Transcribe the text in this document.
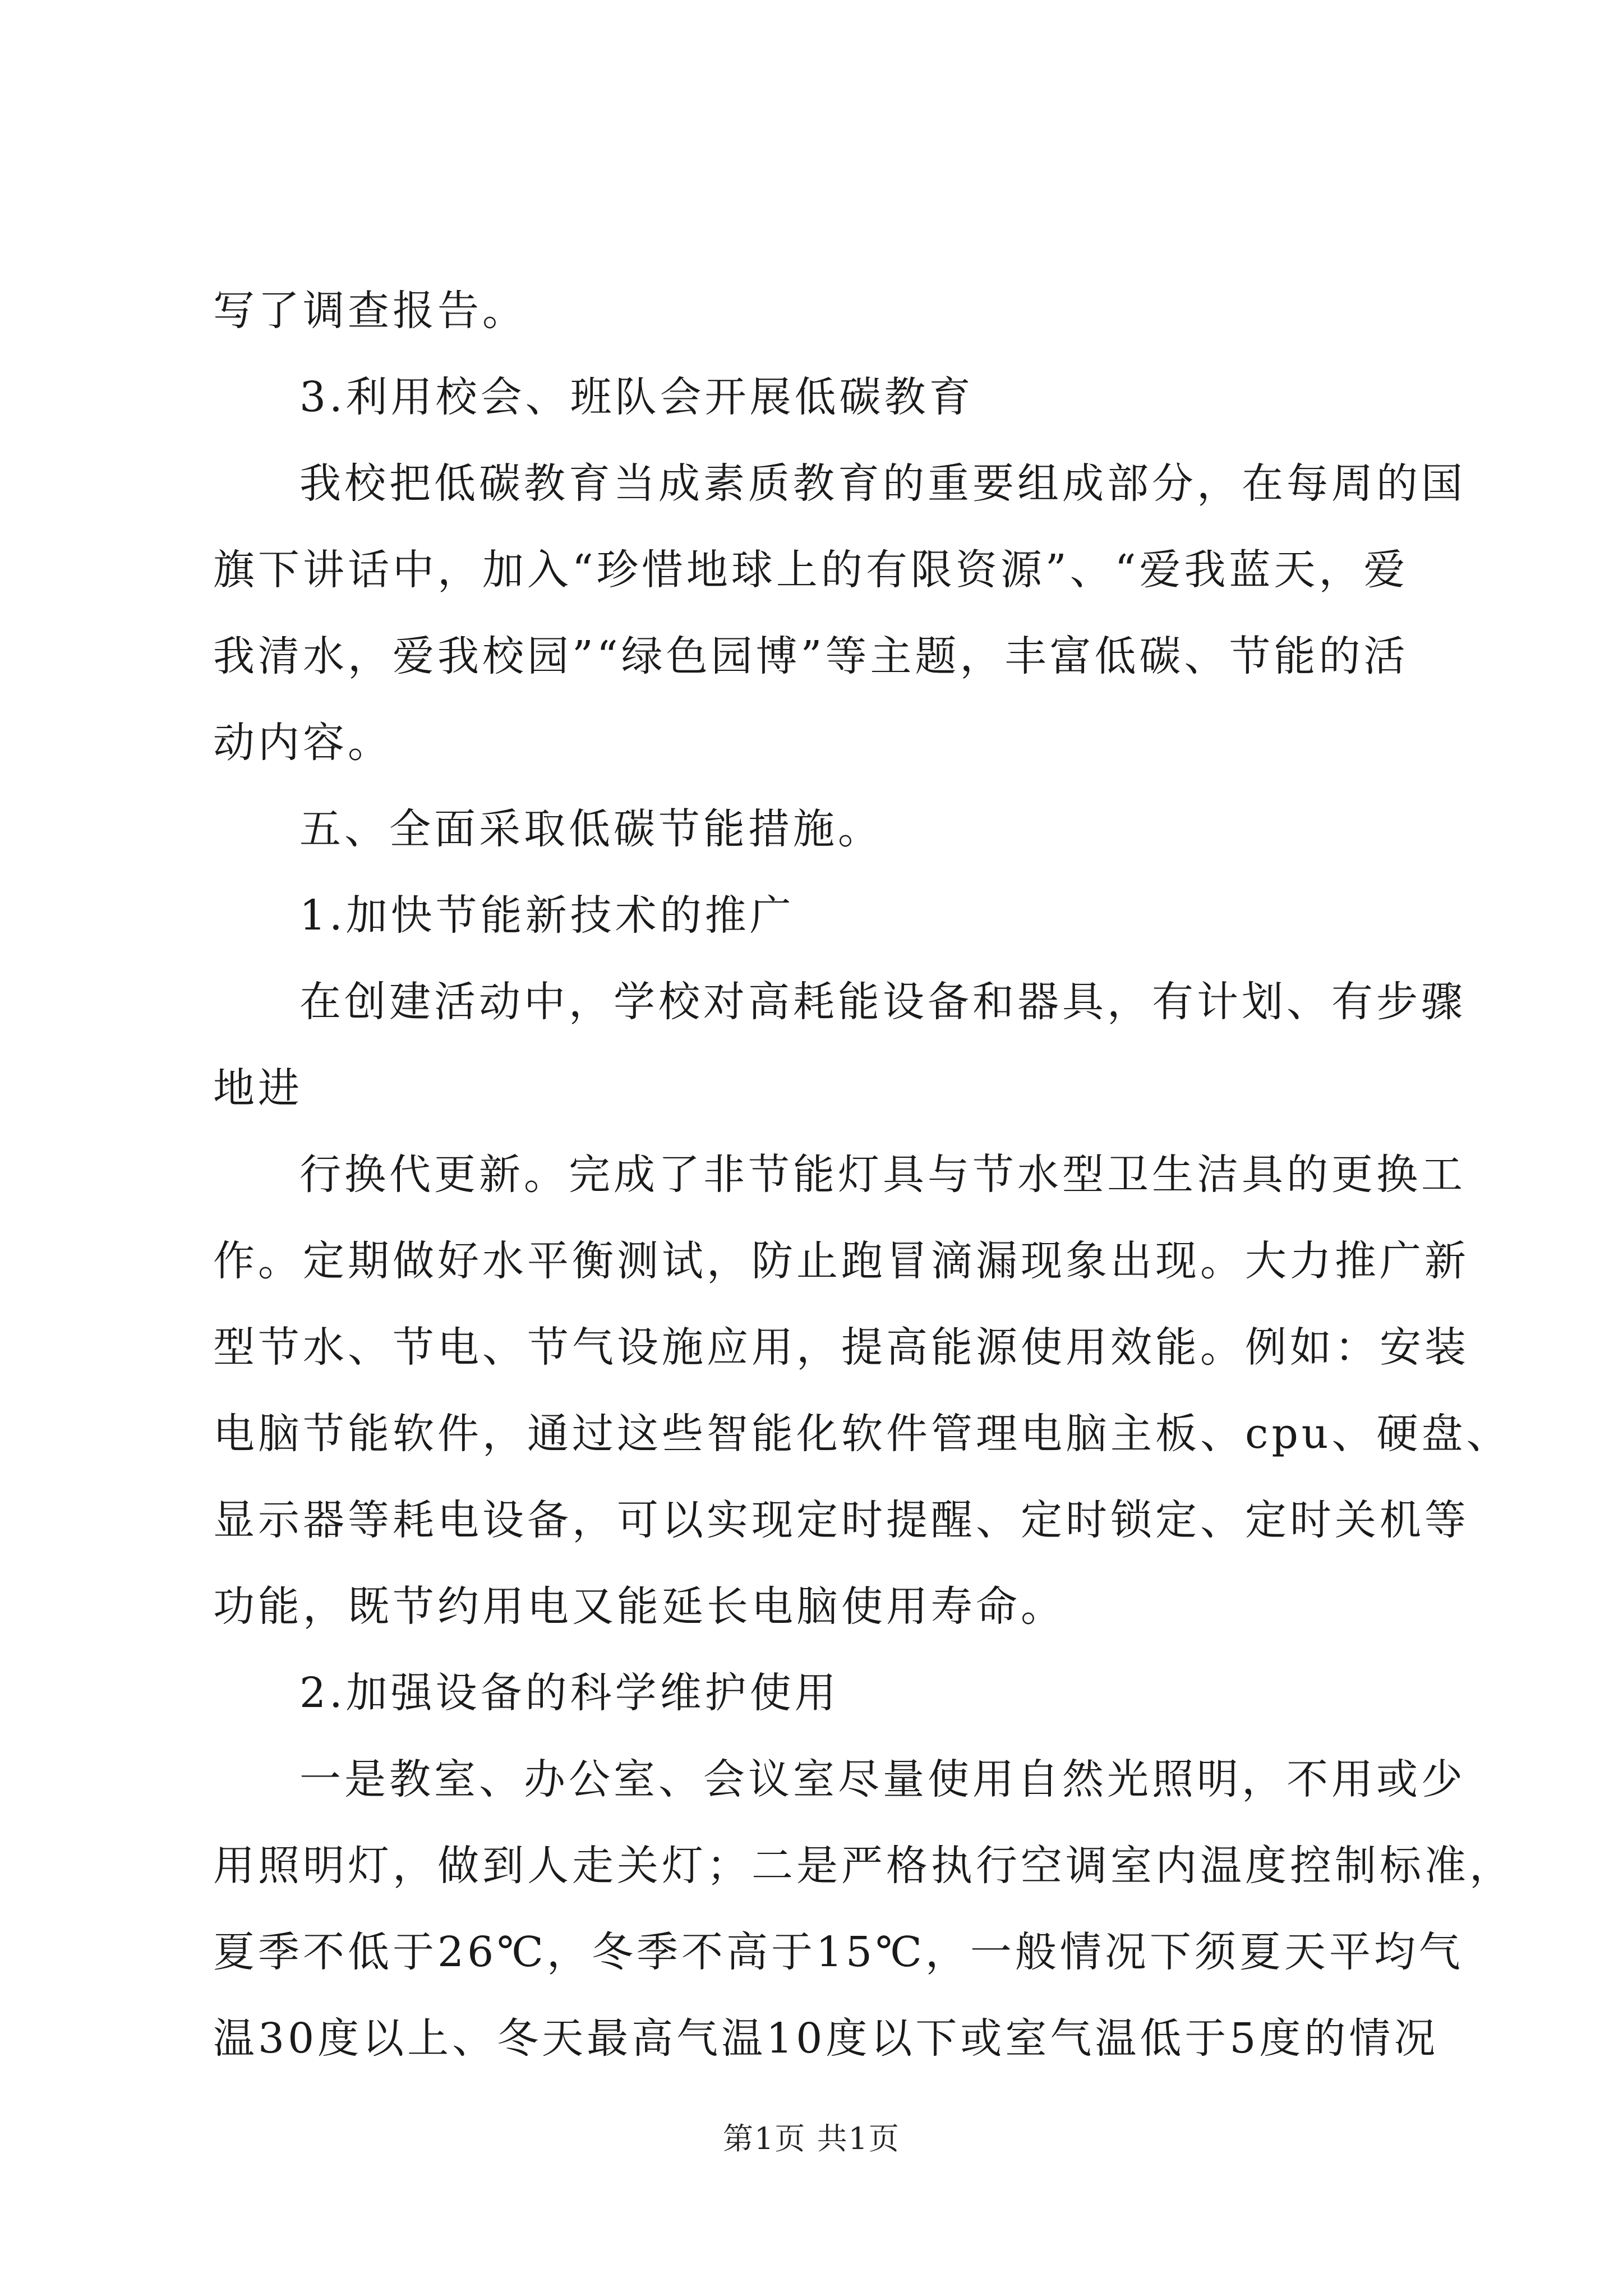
写了调查报告。
3.利用校会、班队会开展低碳教育
我校把低碳教育当成素质教育的重要组成部分，在每周的国
旗下讲话中，加入“珍惜地球上的有限资源”、“爱我蓝天，爱
我清水，爱我校园”“绿色园博”等主题，丰富低碳、节能的活
动内容。
五、全面采取低碳节能措施。
1.加快节能新技术的推广
在创建活动中，学校对高耗能设备和器具，有计划、有步骤
地进
行换代更新。完成了非节能灯具与节水型卫生洁具的更换工
作。定期做好水平衡测试，防止跑冒滴漏现象出现。大力推广新
型节水、节电、节气设施应用，提高能源使用效能。例如：安装
电脑节能软件，通过这些智能化软件管理电脑主板、cpu、硬盘、
显示器等耗电设备，可以实现定时提醒、定时锁定、定时关机等
功能，既节约用电又能延长电脑使用寿命。
2.加强设备的科学维护使用
一是教室、办公室、会议室尽量使用自然光照明，不用或少
用照明灯，做到人走关灯；二是严格执行空调室内温度控制标准，
夏季不低于26℃，冬季不高于15℃，一般情况下须夏天平均气
温30度以上、冬天最高气温10度以下或室气温低于5度的情况
第1页 共1页
